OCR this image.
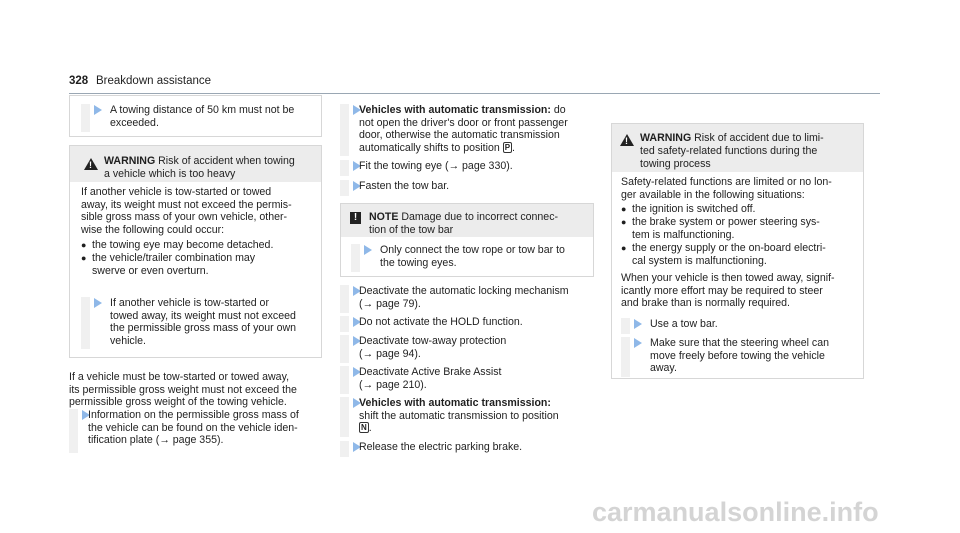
328 Breakdown assistance
A towing distance of 50 km must not be
exceeded.
! WARNING Risk of accident when towing
a vehicle which is too heavy
If another vehicle is tow-started or towed
away, its weight must not exceed the permis-
sible gross mass of your own vehicle, other-
wise the following could occur:
● the towing eye may become detached.
● the vehicle/trailer combination may
swerve or even overturn.
If another vehicle is tow-started or
towed away, its weight must not exceed
the permissible gross mass of your own
vehicle.
If a vehicle must be tow-started or towed away,
its permissible gross weight must not exceed the
permissible gross weight of the towing vehicle.
Information on the permissible gross mass of
the vehicle can be found on the vehicle iden-
tification plate (→ page 355).
Vehicles with automatic transmission: do
not open the driver's door or front passenger
door, otherwise the automatic transmission
automatically shifts to position P .
Fit the towing eye (→ page 330).
Fasten the tow bar.
!	NOTE Damage due to incorrect connec-
tion of the tow bar
Only connect the tow rope or tow bar to
the towing eyes.
Deactivate the automatic locking mechanism
(→ page 79).
Do not activate the HOLD function.
Deactivate tow-away protection
(→ page 94).
Deactivate Active Brake Assist
(→ page 210).
Vehicles with automatic transmission:
shift the automatic transmission to position
N .
Release the electric parking brake.
! WARNING Risk of accident due to limi-
ted safety-related functions during the
towing process
Safety-related functions are limited or no lon-
ger available in the following situations:
● the ignition is switched off.
● the brake system or power steering sys-
tem is malfunctioning.
● the energy supply or the on-board electri-
cal system is malfunctioning.
When your vehicle is then towed away, signif-
icantly more effort may be required to steer
and brake than is normally required.
Use a tow bar.
Make sure that the steering wheel can
move freely before towing the vehicle
away.
carmanualsonline.info
